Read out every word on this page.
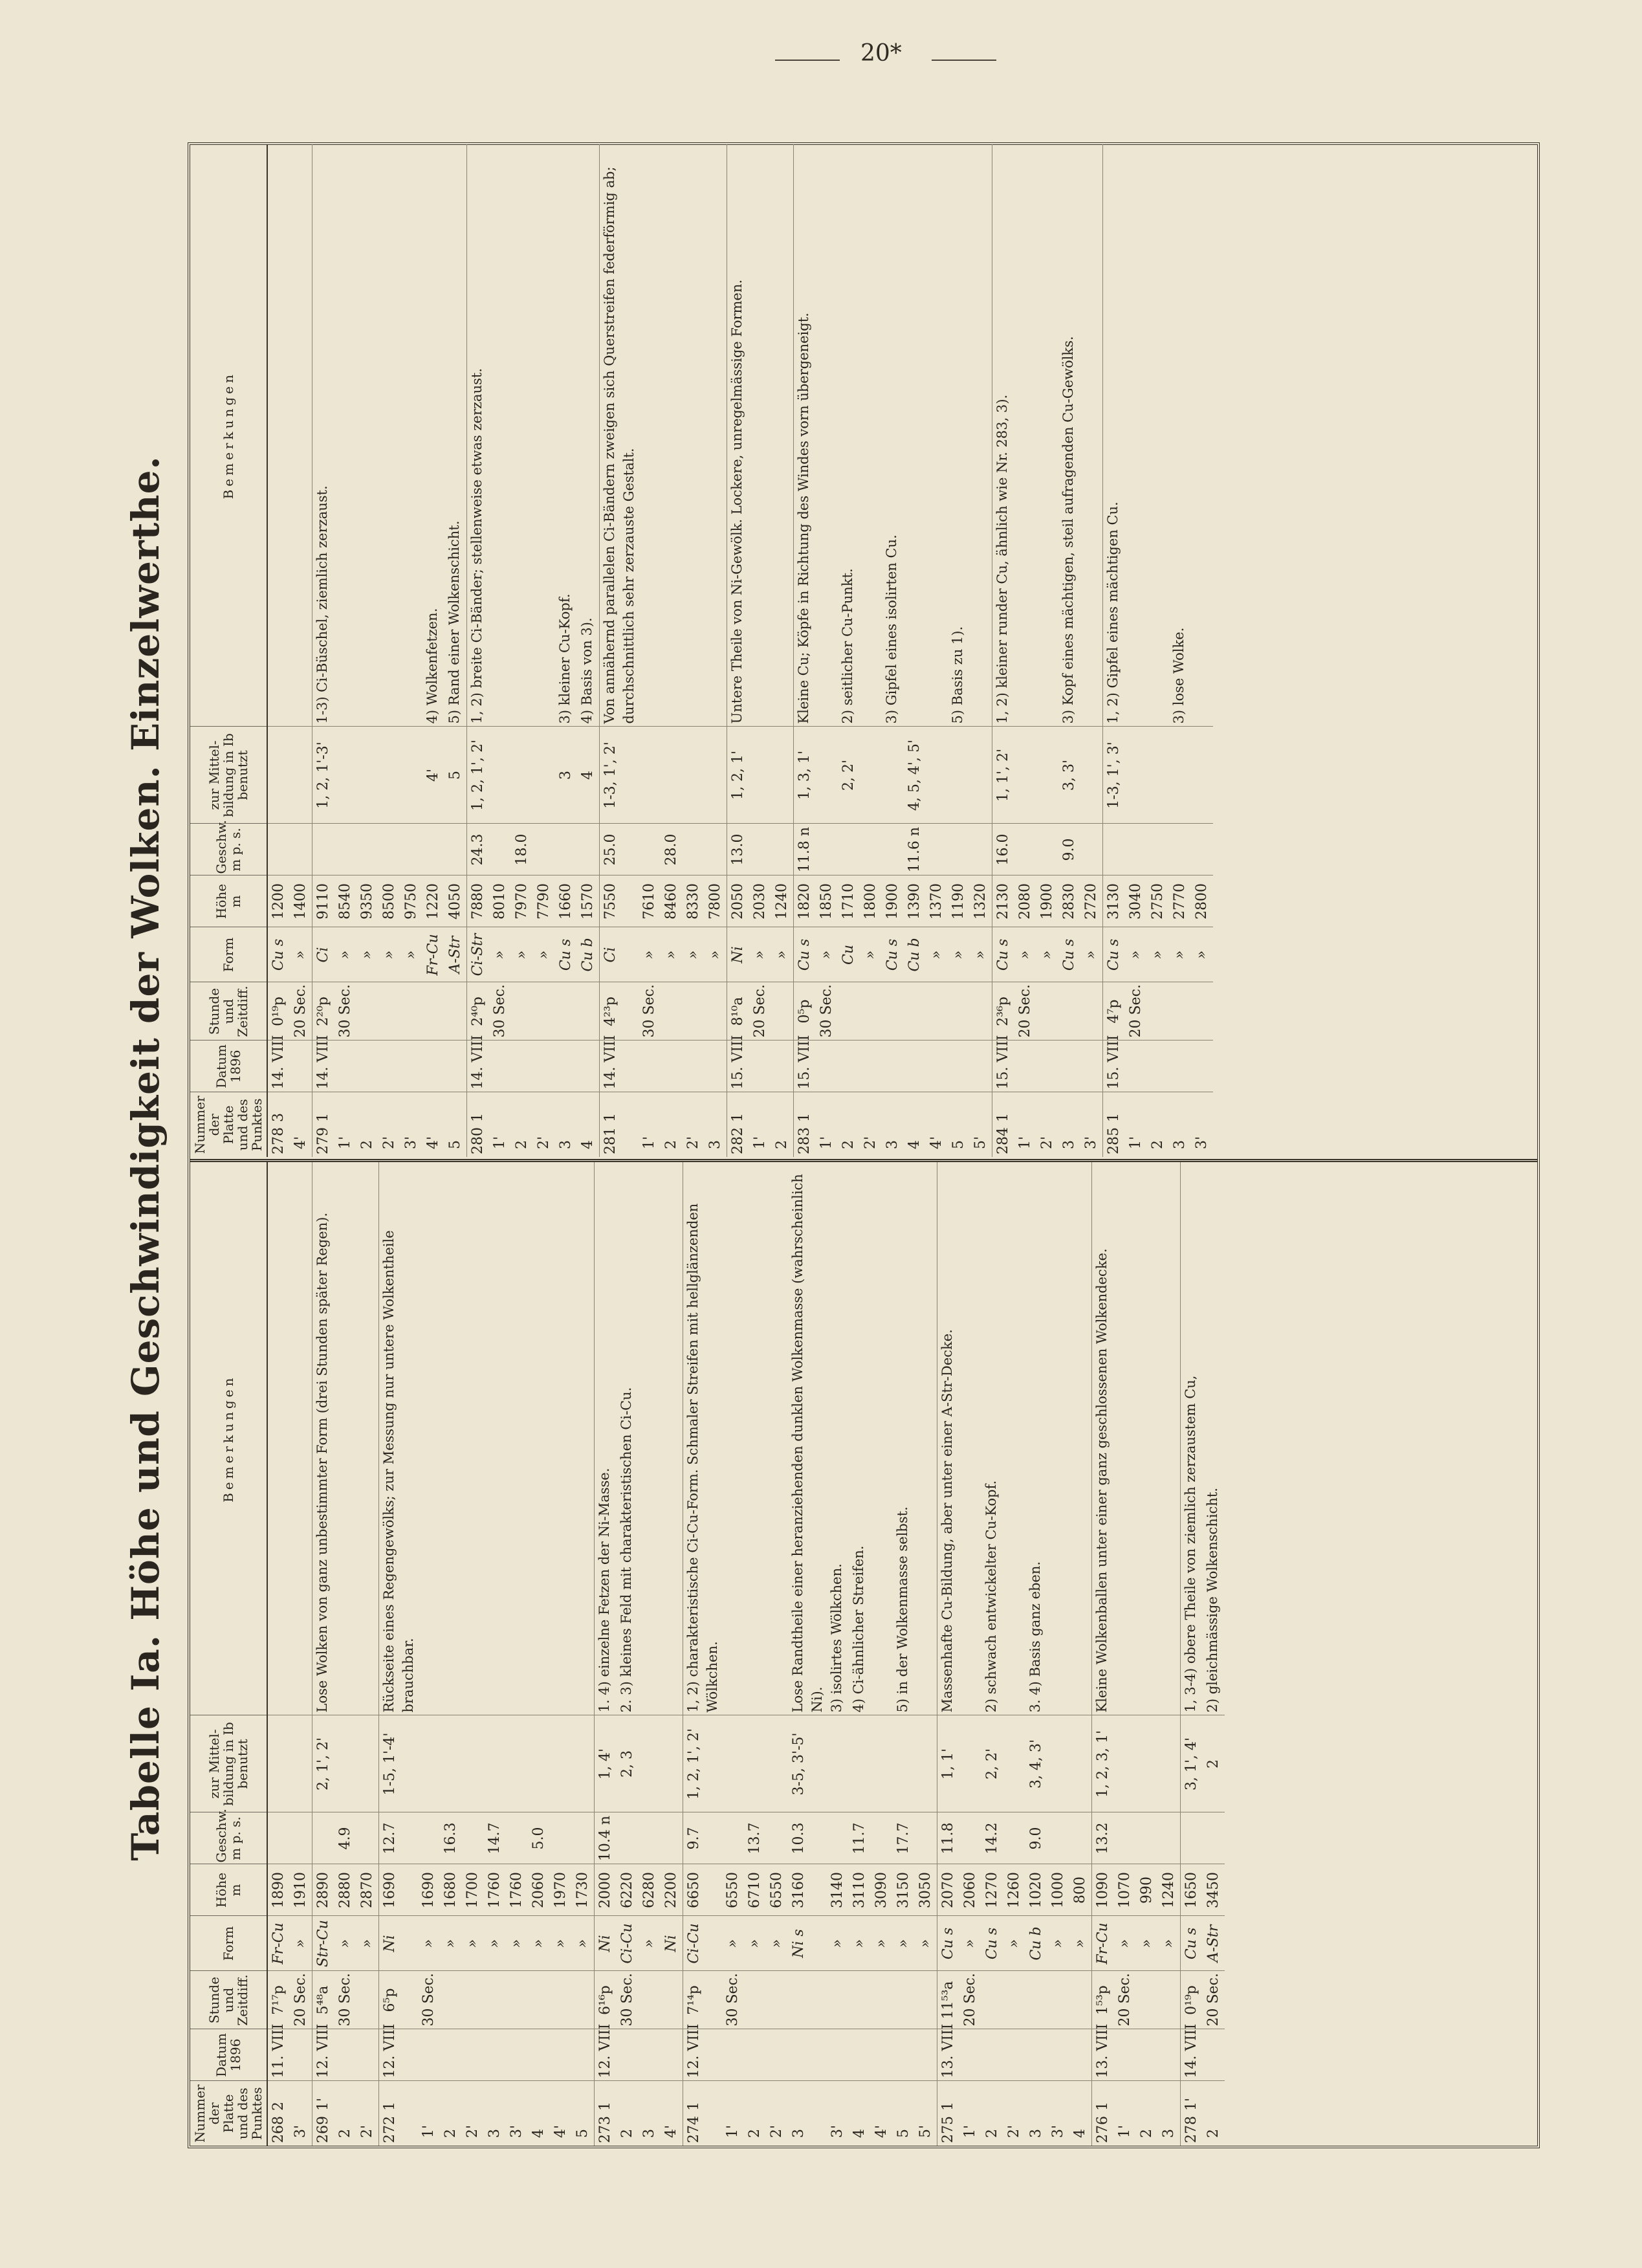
20*
Tabelle Ia. Höhe und Geschwindigkeit der Wolken. Einzelwerthe.
Nummer der Platte und des Punktes	Datum 1896	Stunde und Zeitdiff.	Form	Höhe m	Geschw. m p. s.	zur Mittel-bildung in Ib benutzt	Bemerkungen
2682	11. VIII	7¹⁷p	Fr-Cu	1890			
3'		20 Sec.	»	1910			
2691'	12. VIII	5⁴⁸a	Str-Cu	2890		2, 1', 2'	Lose Wolken von ganz unbestimmter Form (drei Stunden später Regen).
2		30 Sec.	»	2880	4.9		
2'			»	2870			
2721	12. VIII	6⁵p	Ni	1690	12.7	1-5, 1'-4'	Rückseite eines Regengewölks; zur Messung nur untere Wolkentheile brauchbar.
1'		30 Sec.	»	1690			
2			»	1680	16.3		
2'			»	1700			
3			»	1760	14.7		
3'			»	1760			
4			»	2060	5.0		
4'			»	1970			
5			»	1730			
2731	12. VIII	6¹⁶p	Ni	2000	10.4 n	1, 4'	1. 4) einzelne Fetzen der Ni-Masse.
2		30 Sec.	Ci-Cu	6220		2, 3	2. 3) kleines Feld mit charakteristischen Ci-Cu.
3			»	6280			
4'			Ni	2200			
2741	12. VIII	7¹⁴p	Ci-Cu	6650	9.7	1, 2, 1', 2'	1, 2) charakteristische Ci-Cu-Form. Schmaler Streifen mit hellglänzenden Wölkchen.
1'		30 Sec.	»	6550			
2			»	6710	13.7		
2'			»	6550			
3			Ni s	3160	10.3	3-5, 3'-5'	Lose Randtheile einer heranziehenden dunklen Wolkenmasse (wahrscheinlich Ni).
3'			»	3140			3) isolirtes Wölkchen.
4			»	3110	11.7		4) Ci-ähnlicher Streifen.
4'			»	3090			
5			»	3150	17.7		5) in der Wolkenmasse selbst.
5'			»	3050			
2751	13. VIII	11⁵³a	Cu s	2070	11.8	1, 1'	Massenhafte Cu-Bildung, aber unter einer A-Str-Decke.
1'		20 Sec.	»	2060			
2			Cu s	1270	14.2	2, 2'	2) schwach entwickelter Cu-Kopf.
2'			»	1260			
3			Cu b	1020	9.0	3, 4, 3'	3. 4) Basis ganz eben.
3'			»	1000			
4			»	800			
2761	13. VIII	1⁵³p	Fr-Cu	1090	13.2	1, 2, 3, 1'	Kleine Wolkenballen unter einer ganz geschlossenen Wolkendecke.
1'		20 Sec.	»	1070			
2			»	990			
3			»	1240			
2781'	14. VIII	0¹⁹p	Cu s	1650		3, 1', 4'	1, 3-4) obere Theile von ziemlich zerzaustem Cu,
2		20 Sec.	A-Str	3450		2	2) gleichmässige Wolkenschicht.
Nummer der Platte und des Punktes	Datum 1896	Stunde und Zeitdiff.	Form	Höhe m	Geschw. m p. s.	zur Mittel-bildung in Ib benutzt	Bemerkungen
2783	14. VIII	0¹⁹p	Cu s	1200			
4'		20 Sec.	»	1400			
2791	14. VIII	2²⁰p	Ci	9110		1, 2, 1'-3'	1-3) Ci-Büschel, ziemlich zerzaust.
1'		30 Sec.	»	8540			
2			»	9350			
2'			»	8500			
3'			»	9750			
4'			Fr-Cu	1220		4'	4) Wolkenfetzen.
5			A-Str	4050		5	5) Rand einer Wolkenschicht.
2801	14. VIII	2⁴⁰p	Ci-Str	7880	24.3	1, 2, 1', 2'	1, 2) breite Ci-Bänder; stellenweise etwas zerzaust.
1'		30 Sec.	»	8010			
2			»	7970	18.0		
2'			»	7790			
3			Cu s	1660		3	3) kleiner Cu-Kopf.
4			Cu b	1570		4	4) Basis von 3).
2811	14. VIII	4²³p	Ci	7550	25.0	1-3, 1', 2'	Von annähernd parallelen Ci-Bändern zweigen sich Querstreifen federförmig ab; durchschnittlich sehr zerzauste Gestalt.
1'		30 Sec.	»	7610			
2			»	8460	28.0		
2'			»	8330			
3			»	7800			
2821	15. VIII	8¹⁰a	Ni	2050	13.0	1, 2, 1'	Untere Theile von Ni-Gewölk. Lockere, unregelmässige Formen.
1'		20 Sec.	»	2030			
2			»	1240			
2831	15. VIII	0⁵p	Cu s	1820	11.8 n	1, 3, 1'	Kleine Cu; Köpfe in Richtung des Windes vorn übergeneigt.
1'		30 Sec.	»	1850			
2			Cu	1710		2, 2'	2) seitlicher Cu-Punkt.
2'			»	1800			
3			Cu s	1900			3) Gipfel eines isolirten Cu.
4			Cu b	1390	11.6 n	4, 5, 4', 5'	
4'			»	1370			
5			»	1190			5) Basis zu 1).
5'			»	1320			
2841	15. VIII	2³⁶p	Cu s	2130	16.0	1, 1', 2'	1, 2) kleiner runder Cu, ähnlich wie Nr. 283, 3).
1'		20 Sec.	»	2080			
2'			»	1900			
3			Cu s	2830	9.0	3, 3'	3) Kopf eines mächtigen, steil aufragenden Cu-Gewölks.
3'			»	2720			
2851	15. VIII	4⁷p	Cu s	3130		1-3, 1', 3'	1, 2) Gipfel eines mächtigen Cu.
1'		20 Sec.	»	3040			
2			»	2750			
3			»	2770			3) lose Wolke.
3'			»	2800			
